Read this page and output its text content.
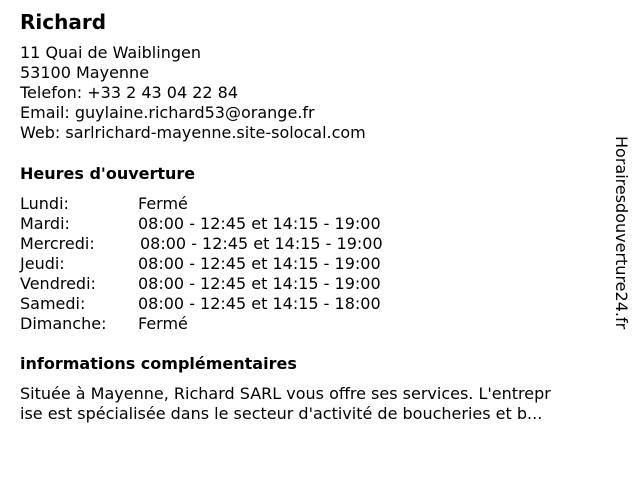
Richard
11 Quai de Waiblingen
53100 Mayenne
Telefon: +33 2 43 04 22 84
Email: guylaine.richard53@orange.fr
Web: sarlrichard-mayenne.site-solocal.com
Heures d'ouverture
Lundi:	Fermé
Mardi:	08:00 - 12:45 et 14:15 - 19:00
Mercredi:	08:00 - 12:45 et 14:15 - 19:00
Jeudi:	08:00 - 12:45 et 14:15 - 19:00
Vendredi:	08:00 - 12:45 et 14:15 - 19:00
Samedi:	08:00 - 12:45 et 14:15 - 18:00
Dimanche: Fermé
informations complémentaires
Située à Mayenne, Richard SARL vous offre ses services. L'entrepr
ise est spécialisée dans le secteur d'activité de boucheries et b...
Horairesdouverture24.fr
